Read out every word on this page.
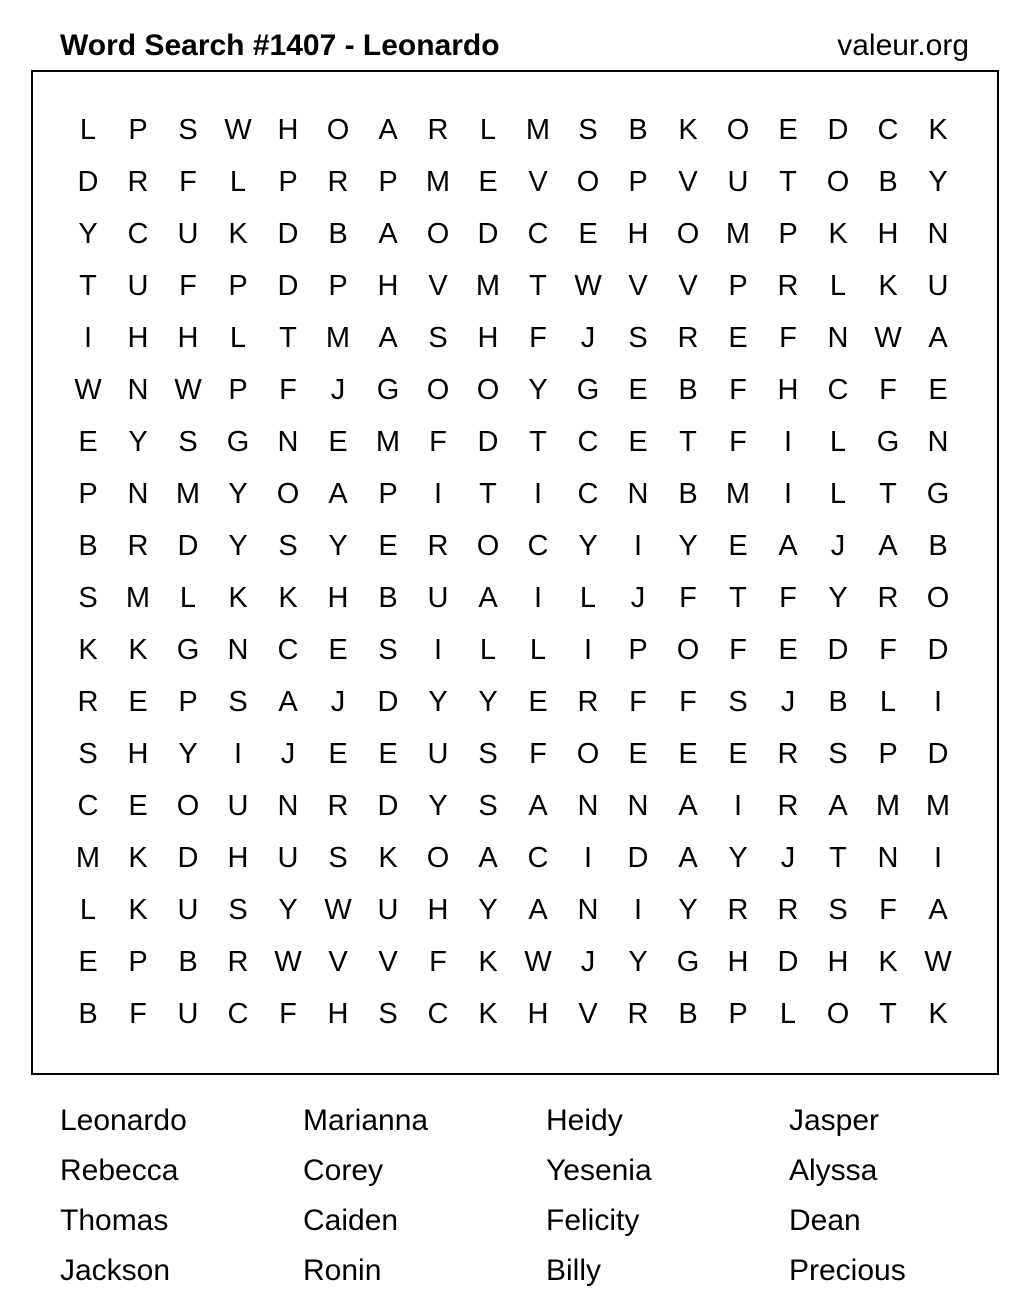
Word Search #1407 - Leonardo	valeur.org
L	P	S W H O	A	R	L	M S	B	K	O	E	D	C	K
D	R	F	L	P	R	P M E	V	O	P	V	U	T	O	B	Y
Y	C	U	K	D	B	A	O D	C	E	H O M P	K	H	N
T	U	F	P	D	P	H	V M	T W V	V	P	R	L	K	U
I	H	H	L	T	M A	S	H	F	J	S	R	E	F	N W A
W N W P	F	J	G O O	Y	G	E	B	F	H	C	F	E
E	Y	S	G N	E M	F	D	T	C	E	T	F	I	L	G N
P	N M Y	O	A	P	I	T	I	C	N	B M	I	L	T	G
B	R	D	Y	S	Y	E	R O C	Y	I	Y	E	A	J	A	B
S M	L	K	K	H	B	U	A	I	L	J	F	T	F	Y	R O
K	K	G N	C	E	S	I	L	L	I	P	O	F	E	D	F	D
R	E	P	S	A	J	D	Y	Y	E	R	F	F	S	J	B	L	I
S	H	Y	I	J	E	E	U	S	F	O	E	E	E	R	S	P	D
C	E	O U	N	R	D	Y	S	A	N	N	A	I	R	A M M
M K	D	H	U	S	K	O	A	C	I	D	A	Y	J	T	N	I
L	K	U	S	Y W U	H	Y	A	N	I	Y	R	R	S	F	A
E	P	B	R W V	V	F	K W	J	Y	G H	D	H	K W
B	F	U	C	F	H	S	C	K	H	V	R	B	P	L	O	T	K
Leonardo	Marianna	Heidy	Jasper
Rebecca	Corey	Yesenia	Alyssa
Thomas	Caiden	Felicity	Dean
Jackson	Ronin	Billy	Precious
